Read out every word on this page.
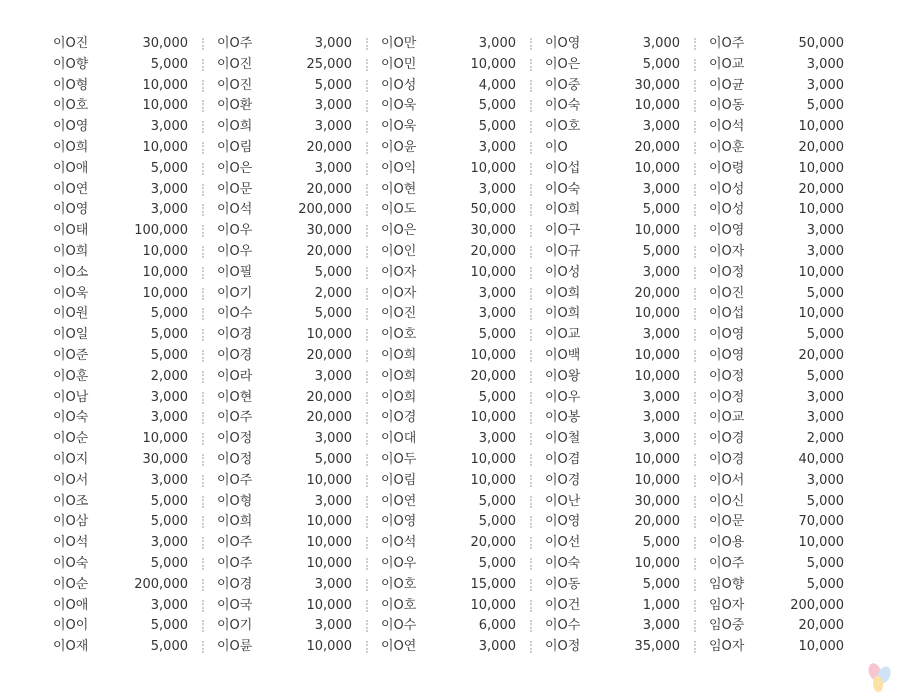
이O진	30,000	이O주	3,000	이O만	3,000	이O영	3,000	이O주	50,000
이O향	5,000	이O진	25,000	이O민	10,000	이O은	5,000	이O교	3,000
이O형	10,000	이O진	5,000	이O성	4,000	이O중	30,000	이O균	3,000
이O호	10,000	이O환	3,000	이O욱	5,000	이O숙	10,000	이O동	5,000
이O영	3,000	이O희	3,000	이O욱	5,000	이O호	3,000	이O석	10,000
이O희	10,000	이O림	20,000	이O윤	3,000	이O	20,000	이O훈	20,000
이O애	5,000	이O은	3,000	이O익	10,000	이O섭	10,000	이O령	10,000
이O연	3,000	이O문	20,000	이O현	3,000	이O숙	3,000	이O성	20,000
이O영	3,000	이O석	200,000	이O도	50,000	이O희	5,000	이O성	10,000
이O태	100,000	이O우	30,000	이O은	30,000	이O구	10,000	이O영	3,000
이O희	10,000	이O우	20,000	이O인	20,000	이O규	5,000	이O자	3,000
이O소	10,000	이O필	5,000	이O자	10,000	이O성	3,000	이O정	10,000
이O욱	10,000	이O기	2,000	이O자	3,000	이O희	20,000	이O진	5,000
이O원	5,000	이O수	5,000	이O진	3,000	이O희	10,000	이O섭	10,000
이O일	5,000	이O경	10,000	이O호	5,000	이O교	3,000	이O영	5,000
이O준	5,000	이O경	20,000	이O희	10,000	이O백	10,000	이O영	20,000
이O훈	2,000	이O라	3,000	이O희	20,000	이O왕	10,000	이O정	5,000
이O남	3,000	이O현	20,000	이O희	5,000	이O우	3,000	이O정	3,000
이O숙	3,000	이O주	20,000	이O경	10,000	이O봉	3,000	이O교	3,000
이O순	10,000	이O정	3,000	이O대	3,000	이O철	3,000	이O경	2,000
이O지	30,000	이O정	5,000	이O두	10,000	이O겸	10,000	이O경	40,000
이O서	3,000	이O주	10,000	이O림	10,000	이O경	10,000	이O서	3,000
이O조	5,000	이O형	3,000	이O연	5,000	이O난	30,000	이O신	5,000
이O삼	5,000	이O희	10,000	이O영	5,000	이O영	20,000	이O문	70,000
이O석	3,000	이O주	10,000	이O석	20,000	이O선	5,000	이O용	10,000
이O숙	5,000	이O주	10,000	이O우	5,000	이O숙	10,000	이O주	5,000
이O순	200,000	이O경	3,000	이O호	15,000	이O동	5,000	임O향	5,000
이O애	3,000	이O국	10,000	이O호	10,000	이O건	1,000	임O자	200,000
이O이	5,000	이O기	3,000	이O수	6,000	이O수	3,000	임O중	20,000
이O재	5,000	이O륜	10,000	이O연	3,000	이O정	35,000	임O자	10,000
